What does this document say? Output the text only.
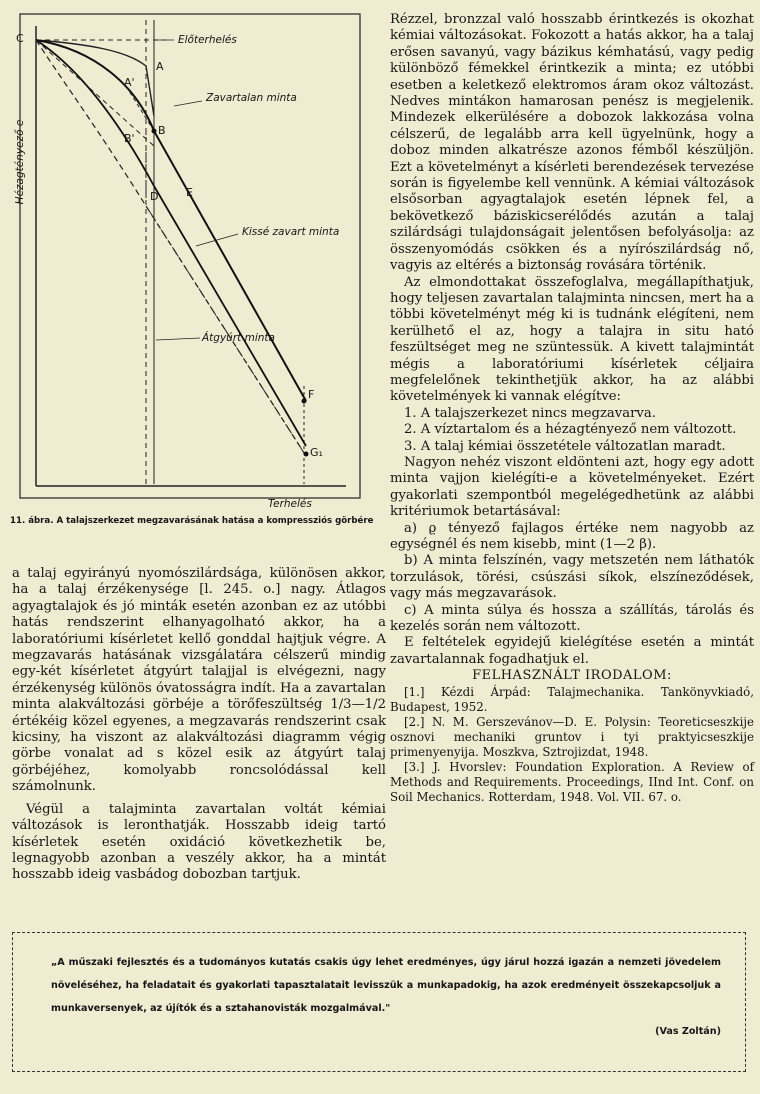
C
A
A'
B
B'
D	E
F
G₁
Előterhelés
Zavartalan minta
Kissé zavart minta
Átgyúrt minta
Hézagtényező e
Terhelés
11. ábra. A talajszerkezet megzavarásának hatása a kompressziós görbére

a talaj egyirányú nyomószilárdsága, különösen akkor, ha a talaj érzékenysége [l. 245. o.] nagy. Átlagos agyagtalajok és jó minták esetén azonban ez az utóbbi hatás rendszerint elhanyagolható akkor, ha a laboratóriumi kísérletet kellő gonddal hajtjuk végre. A megzavarás hatásának vizsgálatára célszerű mindig egy-két kísérletet átgyúrt talajjal is elvégezni, nagy érzékenység különös óvatosságra indít. Ha a zavartalan minta alakváltozási görbéje a törőfeszültség 1/3—1/2 értékéig közel egyenes, a megzavarás rendszerint csak kicsiny, ha viszont az alakváltozási diagramm végig görbe vonalat ad s közel esik az átgyúrt talaj görbéjéhez, komolyabb roncsolódással kell számolnunk.

Végül a talajminta zavartalan voltát kémiai változások is leronthatják. Hosszabb ideig tartó kísérletek esetén oxidáció következhetik be, legnagyobb azonban a veszély akkor, ha a mintát hosszabb ideig vasbádog dobozban tartjuk.

Rézzel, bronzzal való hosszabb érintkezés is okozhat kémiai változásokat. Fokozott a hatás akkor, ha a talaj erősen savanyú, vagy bázikus kémhatású, vagy pedig különböző fémekkel érintkezik a minta; ez utóbbi esetben a keletkező elektromos áram okoz változást. Nedves mintákon hamarosan penész is megjelenik. Mindezek elkerülésére a dobozok lakkozása volna célszerű, de legalább arra kell ügyelnünk, hogy a doboz minden alkatrésze azonos fémből készüljön. Ezt a követelményt a kísérleti berendezések tervezése során is figyelembe kell vennünk. A kémiai változások elsősorban agyagtalajok esetén lépnek fel, a bekövetkező báziskicserélődés azután a talaj szilárdsági tulajdonságait jelentősen befolyásolja: az összenyomódás csökken és a nyírószilárdság nő, vagyis az eltérés a biztonság rovására történik.

Az elmondottakat összefoglalva, megállapíthatjuk, hogy teljesen zavartalan talajminta nincsen, mert ha a többi követelményt még ki is tudnánk elégíteni, nem kerülhető el az, hogy a talajra in situ ható feszültséget meg ne szüntessük. A kivett talajmintát mégis a laboratóriumi kísérletek céljaira megfelelőnek tekinthetjük akkor, ha az alábbi követelmények ki vannak elégítve:

1. A talajszerkezet nincs megzavarva.

2. A víztartalom és a hézagtényező nem változott.

3. A talaj kémiai összetétele változatlan maradt.

Nagyon nehéz viszont eldönteni azt, hogy egy adott minta vajjon kielégíti-e a követelményeket. Ezért gyakorlati szempontból megelégedhetünk az alábbi kritériumok betartásával:

a) ϱ tényező fajlagos értéke nem nagyobb az egységnél és nem kisebb, mint (1—2 β).

b) A minta felszínén, vagy metszetén nem láthatók torzulások, törési, csúszási síkok, elszíneződések, vagy más megzavarások.

c) A minta súlya és hossza a szállítás, tárolás és kezelés során nem változott.

E feltételek egyidejű kielégítése esetén a mintát zavartalannak fogadhatjuk el.

FELHASZNÁLT IRODALOM:

[1.] Kézdi Árpád: Talajmechanika. Tankönyvkiadó, Budapest, 1952.

[2.] N. M. Gerszevánov—D. E. Polysin: Teoreticseszkije osznovi mechaniki gruntov i tyi praktyicseszkije primenyenyija. Moszkva, Sztrojizdat, 1948.

[3.] J. Hvorslev: Foundation Exploration. A Review of Methods and Requirements. Proceedings, IInd Int. Conf. on Soil Mechanics. Rotterdam, 1948. Vol. VII. 67. o.

„A műszaki fejlesztés és a tudományos kutatás csakis úgy lehet eredményes, úgy járul hozzá igazán a nemzeti jövedelem növeléséhez, ha feladatait és gyakorlati tapasztalatait levisszük a munkapadokig, ha azok eredményeit összekapcsoljuk a munkaversenyek, az újítók és a sztahanovisták mozgalmával."
(Vas Zoltán)
